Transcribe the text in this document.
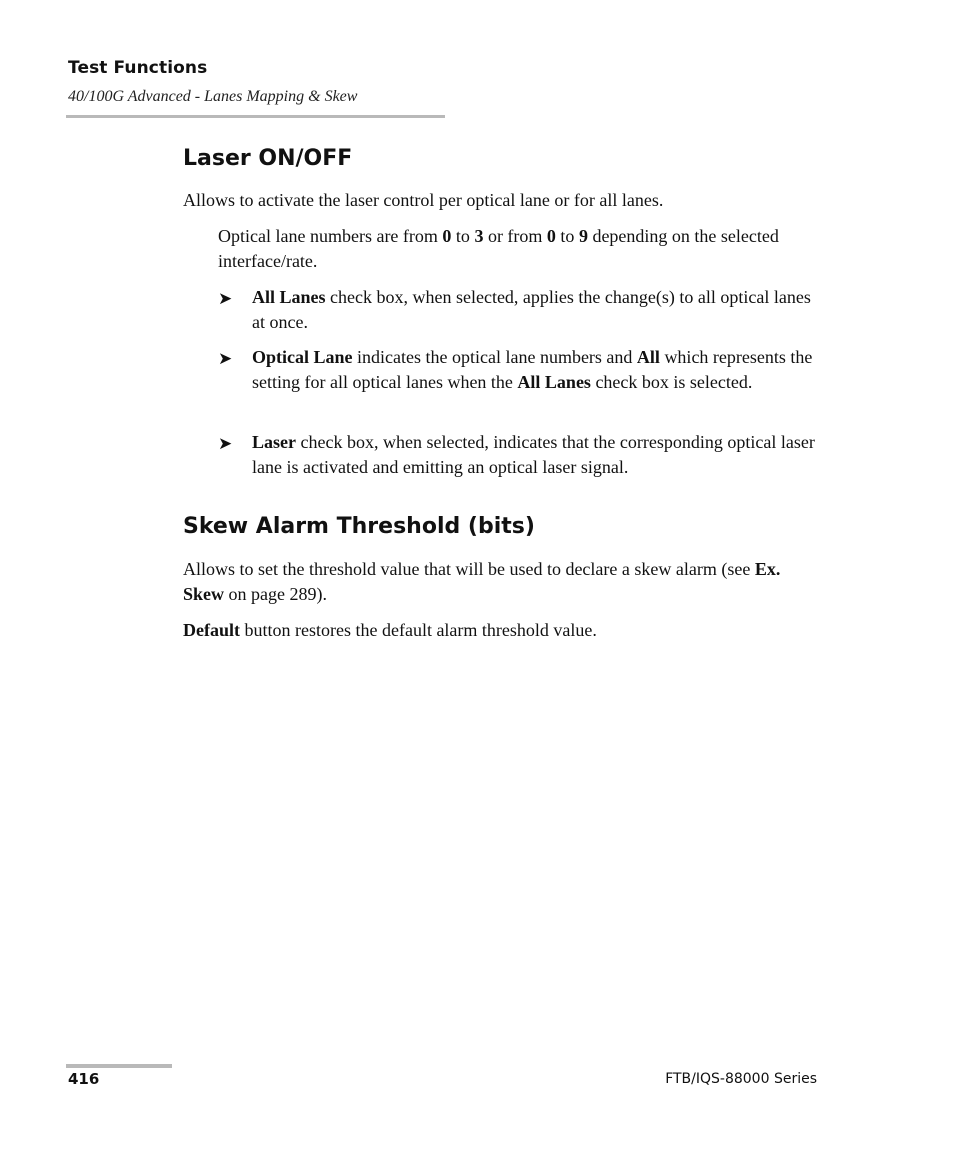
Test Functions
40/100G Advanced - Lanes Mapping & Skew
Laser ON/OFF

Allows to activate the laser control per optical lane or for all lanes.

Optical lane numbers are from 0 to 3 or from 0 to 9 depending on the selected interface/rate.

➤ All Lanes check box, when selected, applies the change(s) to all optical lanes at once.
➤ Optical Lane indicates the optical lane numbers and All which represents the setting for all optical lanes when the All Lanes check box is selected.
➤ Laser check box, when selected, indicates that the corresponding optical laser lane is activated and emitting an optical laser signal.
Skew Alarm Threshold (bits)

Allows to set the threshold value that will be used to declare a skew alarm (see Ex. Skew on page 289).

Default button restores the default alarm threshold value.

416	FTB/IQS-88000 Series
